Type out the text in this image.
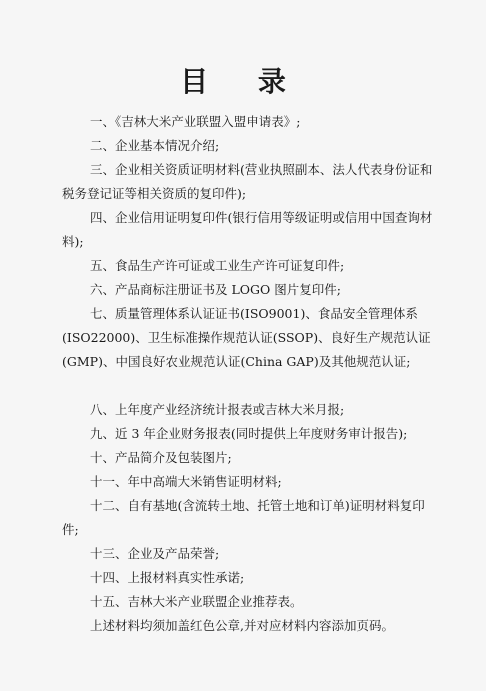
目 录
一、《吉林大米产业联盟入盟申请表》;
二、企业基本情况介绍;
三、企业相关资质证明材料(营业执照副本、法人代表身份证和税务登记证等相关资质的复印件);
四、企业信用证明复印件(银行信用等级证明或信用中国查询材料);
五、食品生产许可证或工业生产许可证复印件;
六、产品商标注册证书及 LOGO 图片复印件;
七、质量管理体系认证证书(ISO9001)、食品安全管理体系(ISO22000)、卫生标准操作规范认证(SSOP)、良好生产规范认证(GMP)、中国良好农业规范认证(China GAP)及其他规范认证;
八、上年度产业经济统计报表或吉林大米月报;
九、近 3 年企业财务报表(同时提供上年度财务审计报告);
十、产品简介及包装图片;
十一、年中高端大米销售证明材料;
十二、自有基地(含流转土地、托管土地和订单)证明材料复印件;
十三、企业及产品荣誉;
十四、上报材料真实性承诺;
十五、吉林大米产业联盟企业推荐表。
上述材料均须加盖红色公章,并对应材料内容添加页码。
